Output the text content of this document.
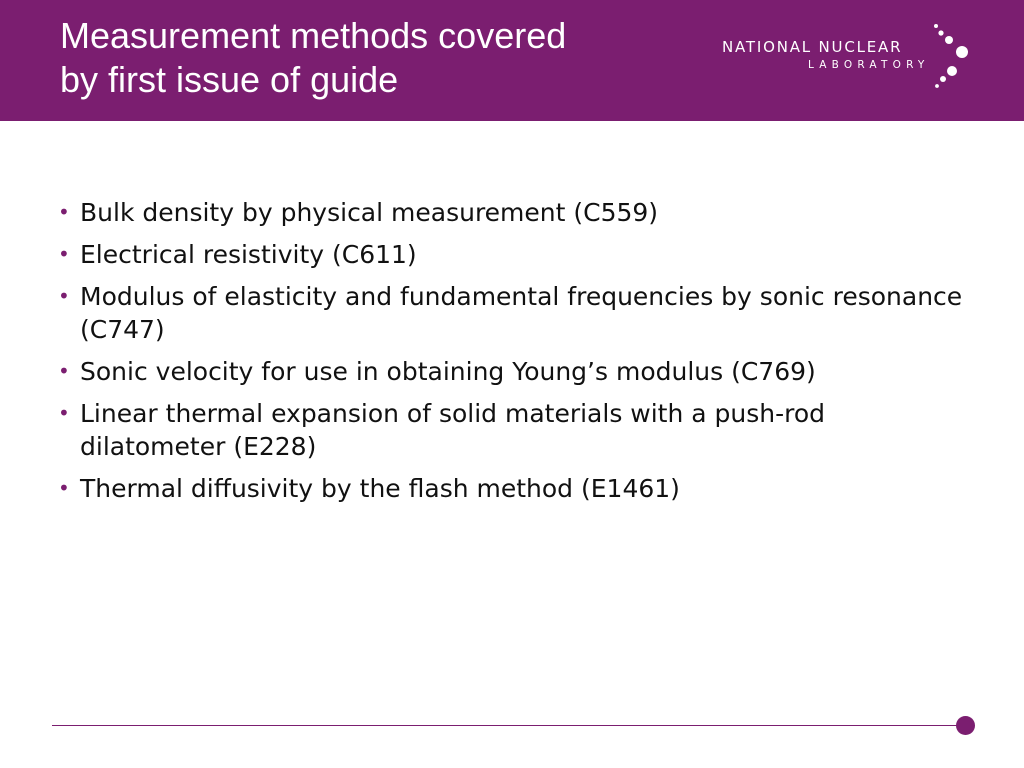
Measurement methods covered
by first issue of guide
NATIONAL NUCLEAR
LABORATORY
• Bulk density by physical measurement (C559)
• Electrical resistivity (C611)
• Modulus of elasticity and fundamental frequencies by sonic resonance (C747)
• Sonic velocity for use in obtaining Young’s modulus (C769)
• Linear thermal expansion of solid materials with a push-rod dilatometer (E228)
• Thermal diffusivity by the flash method (E1461)
